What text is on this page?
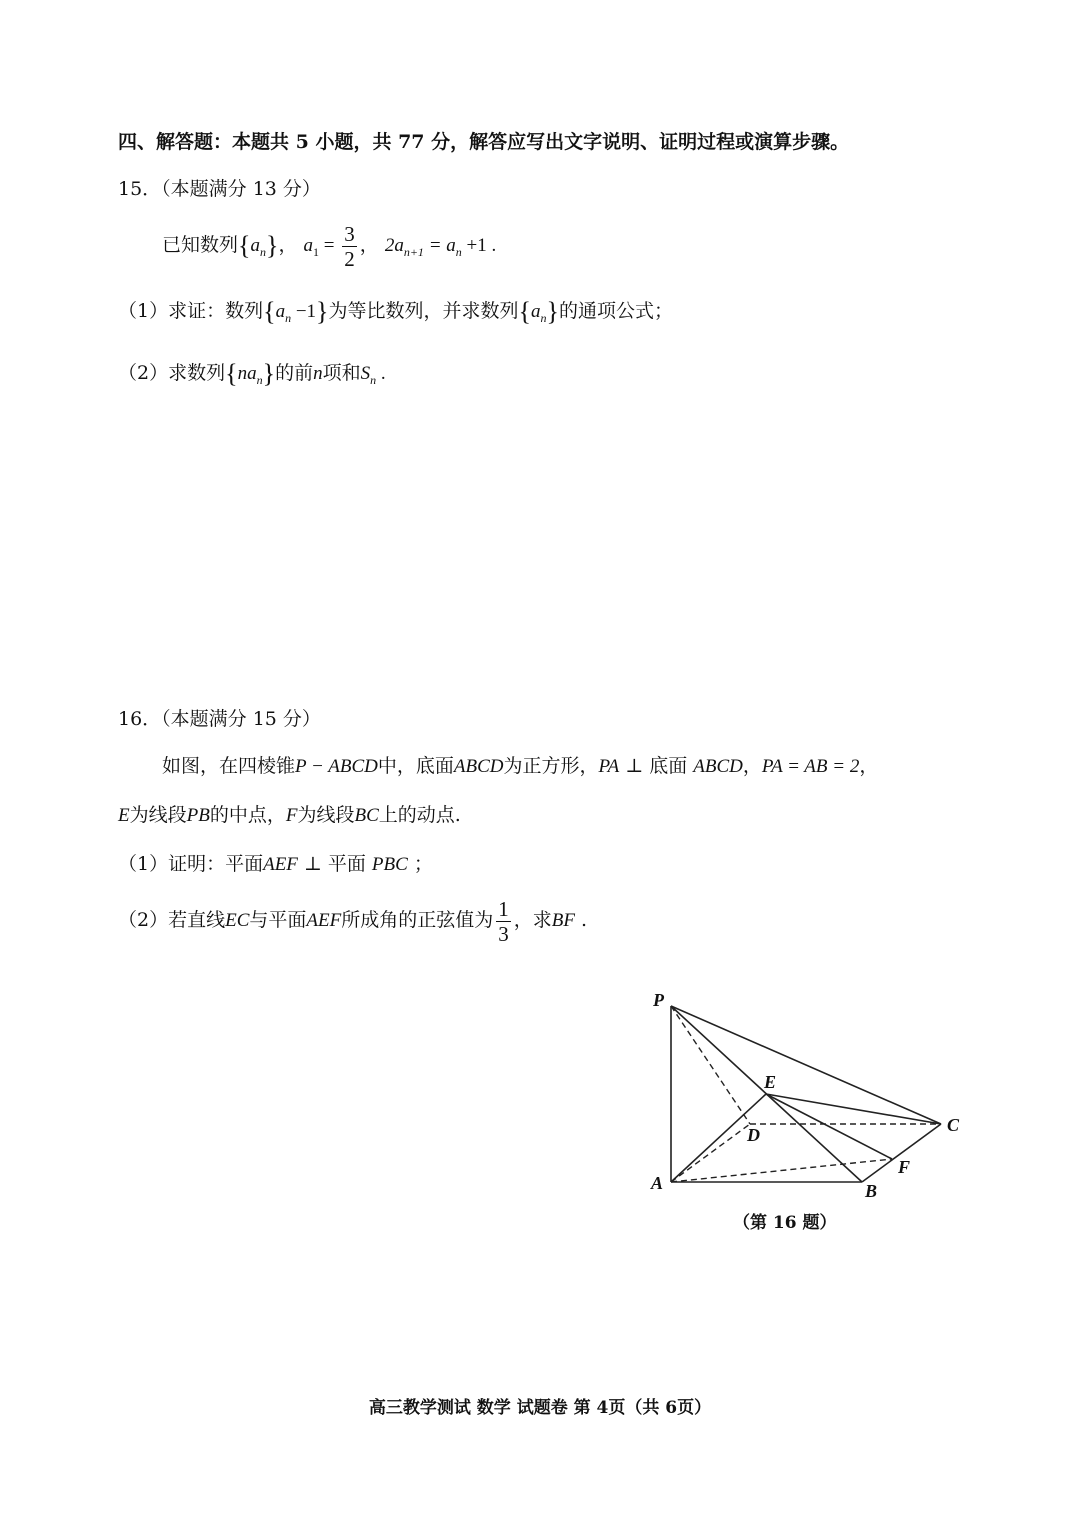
四、解答题：本题共 5 小题，共 77 分，解答应写出文字说明、证明过程或演算步骤。
15．（本题满分 13 分）
已知数列$\{a_n\}$， $a_1 = \frac{3}{2}$ ， $2a_{n+1} = a_n +1$ .
（1）求证：数列$\{a_n -1\}$为等比数列，并求数列$\{a_n\}$的通项公式；
（2）求数列$\{na_n\}$的前n项和$S_n$ .
16．（本题满分 15 分）
如图，在四棱锥P − ABCD中，底面ABCD为正方形，PA ⊥ 底面 ABCD，PA = AB = 2，
E为线段PB的中点，F为线段BC上的动点.
（1）证明：平面AEF ⊥ 平面 PBC ；
（2）若直线EC与平面AEF所成角的正弦值为 $\frac{1}{3}$ ，求BF .
P
E
D	C
F
A	B
（第 16 题）
高三教学测试 数学 试题卷 第 4页（共 6页）
